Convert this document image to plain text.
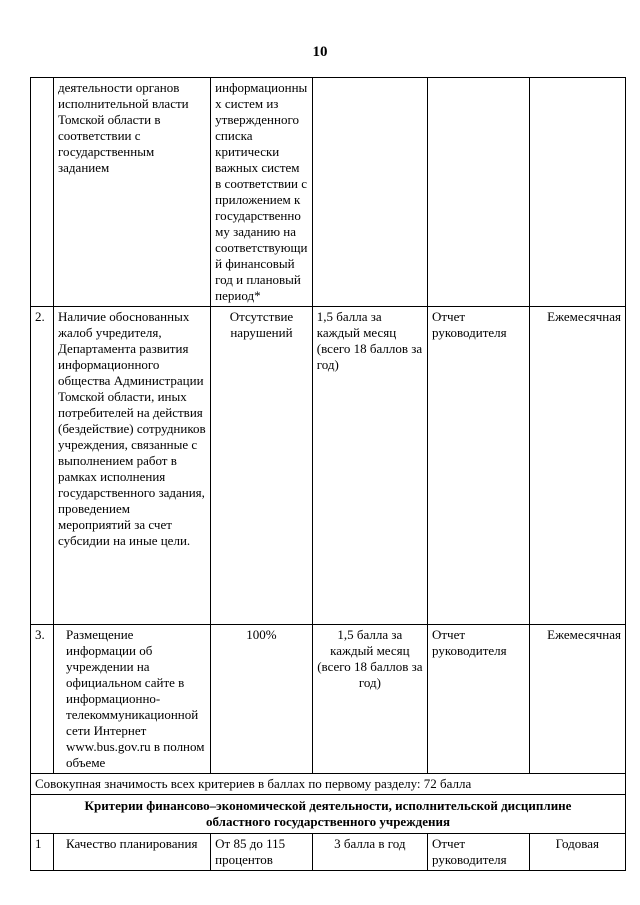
10
	деятельности органов исполнительной власти Томской области в соответствии с государственным заданием	информационных систем из утвержденного списка критически важных систем в соответствии с приложением к государственному заданию на соответствующий финансовый год и плановый период*			
2.	Наличие обоснованных жалоб учредителя, Департамента развития информационного общества Администрации Томской области, иных потребителей на действия (бездействие) сотрудников учреждения, связанные с выполнением работ в рамках исполнения государственного задания, проведением мероприятий за счет субсидии на иные цели.	Отсутствие нарушений	1,5 балла за каждый месяц (всего 18 баллов за год)	Отчет руководителя	Ежемесячная
3.	Размещение информации об учреждении на официальном сайте в информационно-телекоммуникационной сети Интернет www.bus.gov.ru в полном объеме	100%	1,5 балла за каждый месяц (всего 18 баллов за год)	Отчет руководителя	Ежемесячная
Совокупная значимость всех критериев в баллах по первому разделу: 72 балла					
Критерии финансово–экономической деятельности, исполнительской дисциплине областного государственного учреждения					
1	Качество планирования	От 85 до 115 процентов	3 балла в год	Отчет руководителя	Годовая
